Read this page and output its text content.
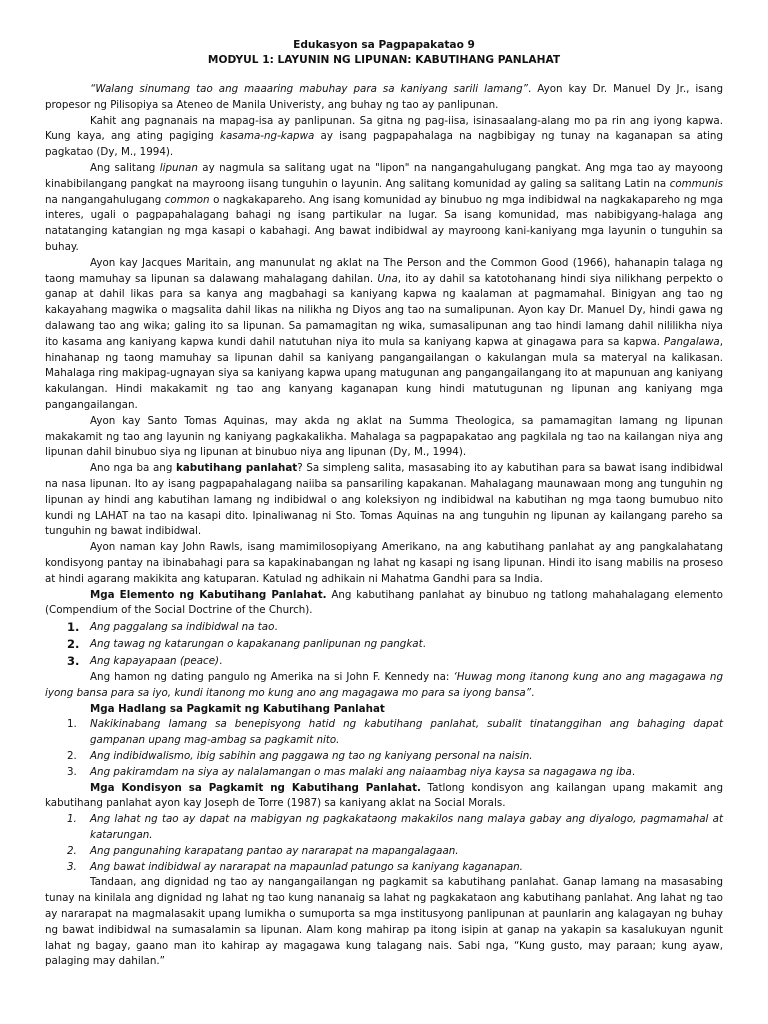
Edukasyon sa Pagpapakatao 9
MODYUL 1: LAYUNIN NG LIPUNAN: KABUTIHANG PANLAHAT

“Walang sinumang tao ang maaaring mabuhay para sa kaniyang sarili lamang”. Ayon kay Dr. Manuel Dy Jr., isang propesor ng Pilisopiya sa Ateneo de Manila Univeristy, ang buhay ng tao ay panlipunan.

Kahit ang pagnanais na mapag-isa ay panlipunan. Sa gitna ng pag-iisa, isinasaalang-alang mo pa rin ang iyong kapwa. Kung kaya, ang ating pagiging kasama-ng-kapwa ay isang pagpapahalaga na nagbibigay ng tunay na kaganapan sa ating pagkatao (Dy, M., 1994).

Ang salitang lipunan ay nagmula sa salitang ugat na "lipon" na nangangahulugang pangkat. Ang mga tao ay mayoong kinabibilangang pangkat na mayroong iisang tunguhin o layunin. Ang salitang komunidad ay galing sa salitang Latin na communis na nangangahulugang common o nagkakapareho. Ang isang komunidad ay binubuo ng mga indibidwal na nagkakapareho ng mga interes, ugali o pagpapahalagang bahagi ng isang partikular na lugar. Sa isang komunidad, mas nabibigyang-halaga ang natatanging katangian ng mga kasapi o kabahagi. Ang bawat indibidwal ay mayroong kani-kaniyang mga layunin o tunguhin sa buhay.

Ayon kay Jacques Maritain, ang manunulat ng aklat na The Person and the Common Good (1966), hahanapin talaga ng taong mamuhay sa lipunan sa dalawang mahalagang dahilan. Una, ito ay dahil sa katotohanang hindi siya nilikhang perpekto o ganap at dahil likas para sa kanya ang magbahagi sa kaniyang kapwa ng kaalaman at pagmamahal. Binigyan ang tao ng kakayahang magwika o magsalita dahil likas na nilikha ng Diyos ang tao na sumalipunan. Ayon kay Dr. Manuel Dy, hindi gawa ng dalawang tao ang wika; galing ito sa lipunan. Sa pamamagitan ng wika, sumasalipunan ang tao hindi lamang dahil nililikha niya ito kasama ang kaniyang kapwa kundi dahil natutuhan niya ito mula sa kaniyang kapwa at ginagawa para sa kapwa. Pangalawa, hinahanap ng taong mamuhay sa lipunan dahil sa kaniyang pangangailangan o kakulangan mula sa materyal na kalikasan. Mahalaga ring makipag-ugnayan siya sa kaniyang kapwa upang matugunan ang pangangailangang ito at mapunuan ang kaniyang kakulangan. Hindi makakamit ng tao ang kanyang kaganapan kung hindi matutugunan ng lipunan ang kaniyang mga pangangailangan.

Ayon kay Santo Tomas Aquinas, may akda ng aklat na Summa Theologica, sa pamamagitan lamang ng lipunan makakamit ng tao ang layunin ng kaniyang pagkakalikha. Mahalaga sa pagpapakatao ang pagkilala ng tao na kailangan niya ang lipunan dahil binubuo siya ng lipunan at binubuo niya ang lipunan (Dy, M., 1994).

Ano nga ba ang kabutihang panlahat? Sa simpleng salita, masasabing ito ay kabutihan para sa bawat isang indibidwal na nasa lipunan. Ito ay isang pagpapahalagang naiiba sa pansariling kapakanan. Mahalagang maunawaan mong ang tunguhin ng lipunan ay hindi ang kabutihan lamang ng indibidwal o ang koleksiyon ng indibidwal na kabutihan ng mga taong bumubuo nito kundi ng LAHAT na tao na kasapi dito. Ipinaliwanag ni Sto. Tomas Aquinas na ang tunguhin ng lipunan ay kailangang pareho sa tunguhin ng bawat indibidwal.

Ayon naman kay John Rawls, isang mamimilosopiyang Amerikano, na ang kabutihang panlahat ay ang pangkalahatang kondisyong pantay na ibinabahagi para sa kapakinabangan ng lahat ng kasapi ng isang lipunan. Hindi ito isang mabilis na proseso at hindi agarang makikita ang katuparan. Katulad ng adhikain ni Mahatma Gandhi para sa India.

Mga Elemento ng Kabutihang Panlahat. Ang kabutihang panlahat ay binubuo ng tatlong mahahalagang elemento (Compendium of the Social Doctrine of the Church).

1. Ang paggalang sa indibidwal na tao.
2. Ang tawag ng katarungan o kapakanang panlipunan ng pangkat.
3. Ang kapayapaan (peace).

Ang hamon ng dating pangulo ng Amerika na si John F. Kennedy na: ‘Huwag mong itanong kung ano ang magagawa ng iyong bansa para sa iyo, kundi itanong mo kung ano ang magagawa mo para sa iyong bansa”.

Mga Hadlang sa Pagkamit ng Kabutihang Panlahat
1. Nakikinabang lamang sa benepisyong hatid ng kabutihang panlahat, subalit tinatanggihan ang bahaging dapat gampanan upang mag-ambag sa pagkamit nito.
2. Ang indibidwalismo, ibig sabihin ang paggawa ng tao ng kaniyang personal na naisin.
3. Ang pakiramdam na siya ay nalalamangan o mas malaki ang naiaambag niya kaysa sa nagagawa ng iba.

Mga Kondisyon sa Pagkamit ng Kabutihang Panlahat. Tatlong kondisyon ang kailangan upang makamit ang kabutihang panlahat ayon kay Joseph de Torre (1987) sa kaniyang aklat na Social Morals.

1. Ang lahat ng tao ay dapat na mabigyan ng pagkakataong makakilos nang malaya gabay ang diyalogo, pagmamahal at katarungan.
2. Ang pangunahing karapatang pantao ay nararapat na mapangalagaan.
3. Ang bawat indibidwal ay nararapat na mapaunlad patungo sa kaniyang kaganapan.

Tandaan, ang dignidad ng tao ay nangangailangan ng pagkamit sa kabutihang panlahat. Ganap lamang na masasabing tunay na kinilala ang dignidad ng lahat ng tao kung nananaig sa lahat ng pagkakataon ang kabutihang panlahat. Ang lahat ng tao ay nararapat na magmalasakit upang lumikha o sumuporta sa mga institusyong panlipunan at paunlarin ang kalagayan ng buhay ng bawat indibidwal na sumasalamin sa lipunan. Alam kong mahirap pa itong isipin at ganap na yakapin sa kasalukuyan ngunit lahat ng bagay, gaano man ito kahirap ay magagawa kung talagang nais. Sabi nga, “Kung gusto, may paraan; kung ayaw, palaging may dahilan.”
